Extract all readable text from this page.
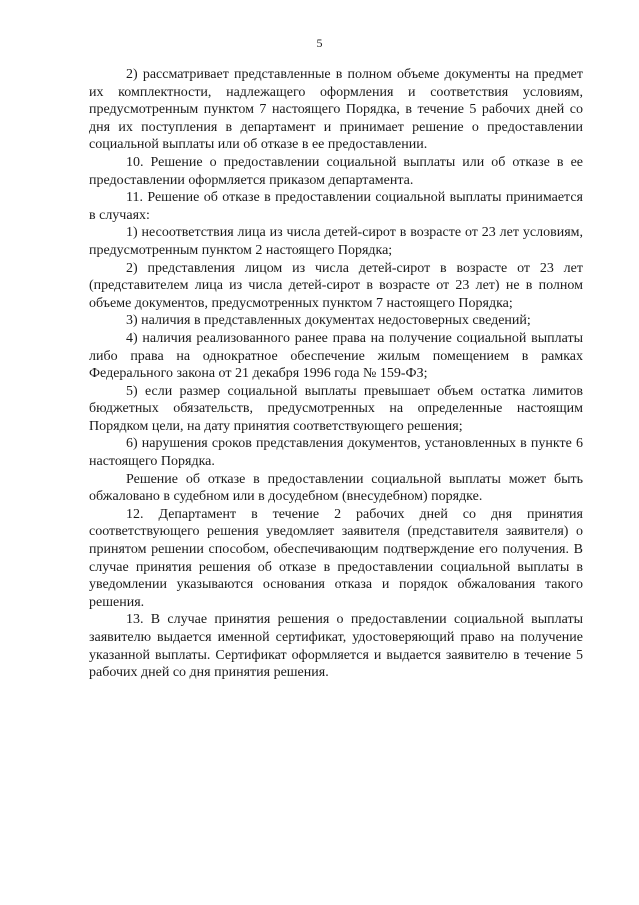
5

2) рассматривает представленные в полном объеме документы на предмет их комплектности, надлежащего оформления и соответствия условиям, предусмотренным пунктом 7 настоящего Порядка, в течение 5 рабочих дней со дня их поступления в департамент и принимает решение о предоставлении социальной выплаты или об отказе в ее предоставлении.

10. Решение о предоставлении социальной выплаты или об отказе в ее предоставлении оформляется приказом департамента.

11. Решение об отказе в предоставлении социальной выплаты принимается в случаях:

1) несоответствия лица из числа детей-сирот в возрасте от 23 лет условиям, предусмотренным пунктом 2 настоящего Порядка;

2) представления лицом из числа детей-сирот в возрасте от 23 лет (представителем лица из числа детей-сирот в возрасте от 23 лет) не в полном объеме документов, предусмотренных пунктом 7 настоящего Порядка;

3) наличия в представленных документах недостоверных сведений;

4) наличия реализованного ранее права на получение социальной выплаты либо права на однократное обеспечение жилым помещением в рамках Федерального закона от 21 декабря 1996 года № 159-ФЗ;

5) если размер социальной выплаты превышает объем остатка лимитов бюджетных обязательств, предусмотренных на определенные настоящим Порядком цели, на дату принятия соответствующего решения;

6) нарушения сроков представления документов, установленных в пункте 6 настоящего Порядка.

Решение об отказе в предоставлении социальной выплаты может быть обжаловано в судебном или в досудебном (внесудебном) порядке.

12. Департамент в течение 2 рабочих дней со дня принятия соответствующего решения уведомляет заявителя (представителя заявителя) о принятом решении способом, обеспечивающим подтверждение его получения. В случае принятия решения об отказе в предоставлении социальной выплаты в уведомлении указываются основания отказа и порядок обжалования такого решения.

13. В случае принятия решения о предоставлении социальной выплаты заявителю выдается именной сертификат, удостоверяющий право на получение указанной выплаты. Сертификат оформляется и выдается заявителю в течение 5 рабочих дней со дня принятия решения.
